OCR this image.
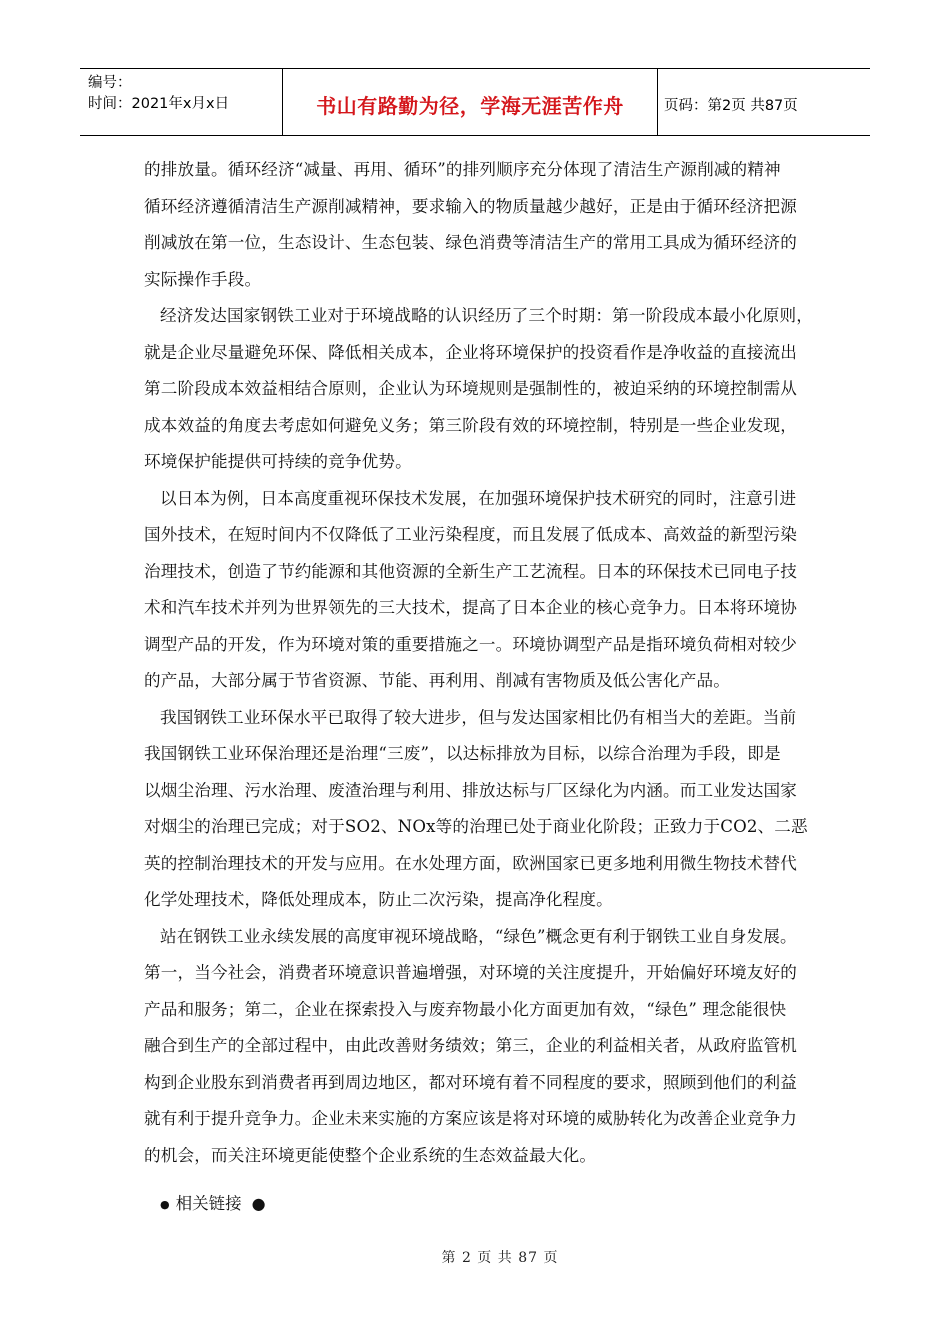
编号：
时间：2021年x月x日	书山有路勤为径，学海无涯苦作舟	页码：第2页 共87页
的排放量。循环经济“减量、再用、循环”的排列顺序充分体现了清洁生产源削减的精神
循环经济遵循清洁生产源削减精神，要求输入的物质量越少越好，正是由于循环经济把源
削减放在第一位，生态设计、生态包装、绿色消费等清洁生产的常用工具成为循环经济的
实际操作手段。
经济发达国家钢铁工业对于环境战略的认识经历了三个时期：第一阶段成本最小化原则，
就是企业尽量避免环保、降低相关成本，企业将环境保护的投资看作是净收益的直接流出
第二阶段成本效益相结合原则，企业认为环境规则是强制性的，被迫采纳的环境控制需从
成本效益的角度去考虑如何避免义务；第三阶段有效的环境控制，特别是一些企业发现，
环境保护能提供可持续的竞争优势。
以日本为例，日本高度重视环保技术发展，在加强环境保护技术研究的同时，注意引进
国外技术，在短时间内不仅降低了工业污染程度，而且发展了低成本、高效益的新型污染
治理技术，创造了节约能源和其他资源的全新生产工艺流程。日本的环保技术已同电子技
术和汽车技术并列为世界领先的三大技术，提高了日本企业的核心竞争力。日本将环境协
调型产品的开发，作为环境对策的重要措施之一。环境协调型产品是指环境负荷相对较少
的产品，大部分属于节省资源、节能、再利用、削减有害物质及低公害化产品。
我国钢铁工业环保水平已取得了较大进步，但与发达国家相比仍有相当大的差距。当前
我国钢铁工业环保治理还是治理“三废”，以达标排放为目标，以综合治理为手段，即是
以烟尘治理、污水治理、废渣治理与利用、排放达标与厂区绿化为内涵。而工业发达国家
对烟尘的治理已完成；对于SO2、NOx等的治理已处于商业化阶段；正致力于CO2、二恶
英的控制治理技术的开发与应用。在水处理方面，欧洲国家已更多地利用微生物技术替代
化学处理技术，降低处理成本，防止二次污染，提高净化程度。
站在钢铁工业永续发展的高度审视环境战略，“绿色”概念更有利于钢铁工业自身发展。
第一，当今社会，消费者环境意识普遍增强，对环境的关注度提升，开始偏好环境友好的
产品和服务；第二，企业在探索投入与废弃物最小化方面更加有效，“绿色” 理念能很快
融合到生产的全部过程中，由此改善财务绩效；第三，企业的利益相关者，从政府监管机
构到企业股东到消费者再到周边地区，都对环境有着不同程度的要求，照顾到他们的利益
就有利于提升竞争力。企业未来实施的方案应该是将对环境的威胁转化为改善企业竞争力
的机会，而关注环境更能使整个企业系统的生态效益最大化。
● 相关链接 ●
第 2 页 共 87 页
